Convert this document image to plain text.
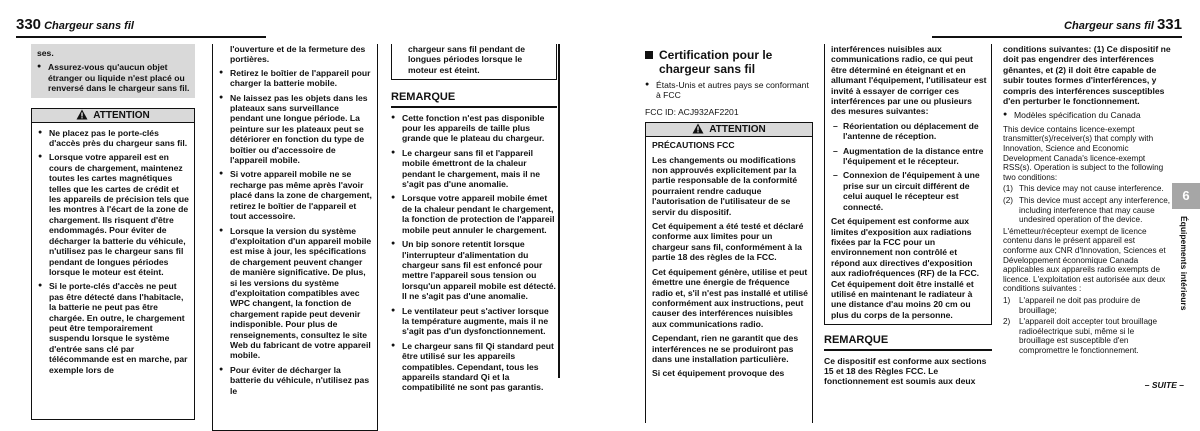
330 Chargeur sans fil

ses.

● Assurez-vous qu'aucun objet étranger ou liquide n'est placé ou renversé dans le chargeur sans fil.

ATTENTION

● Ne placez pas le porte-clés d'accès près du chargeur sans fil.

● Lorsque votre appareil est en cours de chargement, maintenez toutes les cartes magnétiques telles que les cartes de crédit et les appareils de précision tels que les montres à l'écart de la zone de chargement. Ils risquent d'être endommagés. Pour éviter de décharger la batterie du véhicule, n'utilisez pas le chargeur sans fil pendant de longues périodes lorsque le moteur est éteint.

● Si le porte-clés d'accès ne peut pas être détecté dans l'habitacle, la batterie ne peut pas être chargée. En outre, le chargement peut être temporairement suspendu lorsque le système d'entrée sans clé par télécommande est en marche, par exemple lors de

l'ouverture et de la fermeture des portières.

● Retirez le boîtier de l'appareil pour charger la batterie mobile.

● Ne laissez pas les objets dans les plateaux sans surveillance pendant une longue période. La peinture sur les plateaux peut se détériorer en fonction du type de boîtier ou d'accessoire de l'appareil mobile.

● Si votre appareil mobile ne se recharge pas même après l'avoir placé dans la zone de chargement, retirez le boîtier de l'appareil et tout accessoire.

● Lorsque la version du système d'exploitation d'un appareil mobile est mise à jour, les spécifications de chargement peuvent changer de manière significative. De plus, si les versions du système d'exploitation compatibles avec WPC changent, la fonction de chargement rapide peut devenir indisponible. Pour plus de renseignements, consultez le site Web du fabricant de votre appareil mobile.

● Pour éviter de décharger la batterie du véhicule, n'utilisez pas le

chargeur sans fil pendant de longues périodes lorsque le moteur est éteint.

REMARQUE

● Cette fonction n'est pas disponible pour les appareils de taille plus grande que le plateau du chargeur.

● Le chargeur sans fil et l'appareil mobile émettront de la chaleur pendant le chargement, mais il ne s'agit pas d'une anomalie.

● Lorsque votre appareil mobile émet de la chaleur pendant le chargement, la fonction de protection de l'appareil mobile peut annuler le chargement.

● Un bip sonore retentit lorsque l'interrupteur d'alimentation du chargeur sans fil est enfoncé pour mettre l'appareil sous tension ou lorsqu'un appareil mobile est détecté. Il ne s'agit pas d'une anomalie.

● Le ventilateur peut s'activer lorsque la température augmente, mais il ne s'agit pas d'un dysfonctionnement.

● Le chargeur sans fil Qi standard peut être utilisé sur les appareils compatibles. Cependant, tous les appareils standard Qi et la compatibilité ne sont pas garantis.

Chargeur sans fil 331
Certification pour le chargeur sans fil

● États-Unis et autres pays se conformant à FCC

FCC ID: ACJ932AF2201

ATTENTION

PRÉCAUTIONS FCC

Les changements ou modifications non approuvés explicitement par la partie responsable de la conformité pourraient rendre caduque l'autorisation de l'utilisateur de se servir du dispositif.

Cet équipement a été testé et déclaré conforme aux limites pour un chargeur sans fil, conformément à la partie 18 des règles de la FCC.

Cet équipement génère, utilise et peut émettre une énergie de fréquence radio et, s'il n'est pas installé et utilisé conformément aux instructions, peut causer des interférences nuisibles aux communications radio.

Cependant, rien ne garantit que des interférences ne se produiront pas dans une installation particulière.

Si cet équipement provoque des

interférences nuisibles aux communications radio, ce qui peut être déterminé en éteignant et en allumant l'équipement, l'utilisateur est invité à essayer de corriger ces interférences par une ou plusieurs des mesures suivantes:

– Réorientation ou déplacement de l'antenne de réception.

– Augmentation de la distance entre l'équipement et le récepteur.

– Connexion de l'équipement à une prise sur un circuit différent de celui auquel le récepteur est connecté.

Cet équipement est conforme aux limites d'exposition aux radiations fixées par la FCC pour un environnement non contrôlé et répond aux directives d'exposition aux radiofréquences (RF) de la FCC. Cet équipement doit être installé et utilisé en maintenant le radiateur à une distance d'au moins 20 cm ou plus du corps de la personne.

REMARQUE

Ce dispositif est conforme aux sections 15 et 18 des Règles FCC. Le fonctionnement est soumis aux deux

conditions suivantes: (1) Ce dispositif ne doit pas engendrer des interférences gênantes, et (2) il doit être capable de subir toutes formes d'interférences, y compris des interférences susceptibles d'en perturber le fonctionnement.

● Modèles spécification du Canada

This device contains licence-exempt transmitter(s)/receiver(s) that comply with Innovation, Science and Economic Development Canada's licence-exempt RSS(s). Operation is subject to the following two conditions:

(1) This device may not cause interference.
(2) This device must accept any interference, including interference that may cause undesired operation of the device.

L'émetteur/récepteur exempt de licence contenu dans le présent appareil est conforme aux CNR d'Innovation, Sciences et Développement économique Canada applicables aux appareils radio exempts de licence. L'exploitation est autorisée aux deux conditions suivantes :

1) L'appareil ne doit pas produire de brouillage;
2) L'appareil doit accepter tout brouillage radioélectrique subi, même si le brouillage est susceptible d'en compromettre le fonctionnement.
6
Équipements intérieurs
– SUITE –
